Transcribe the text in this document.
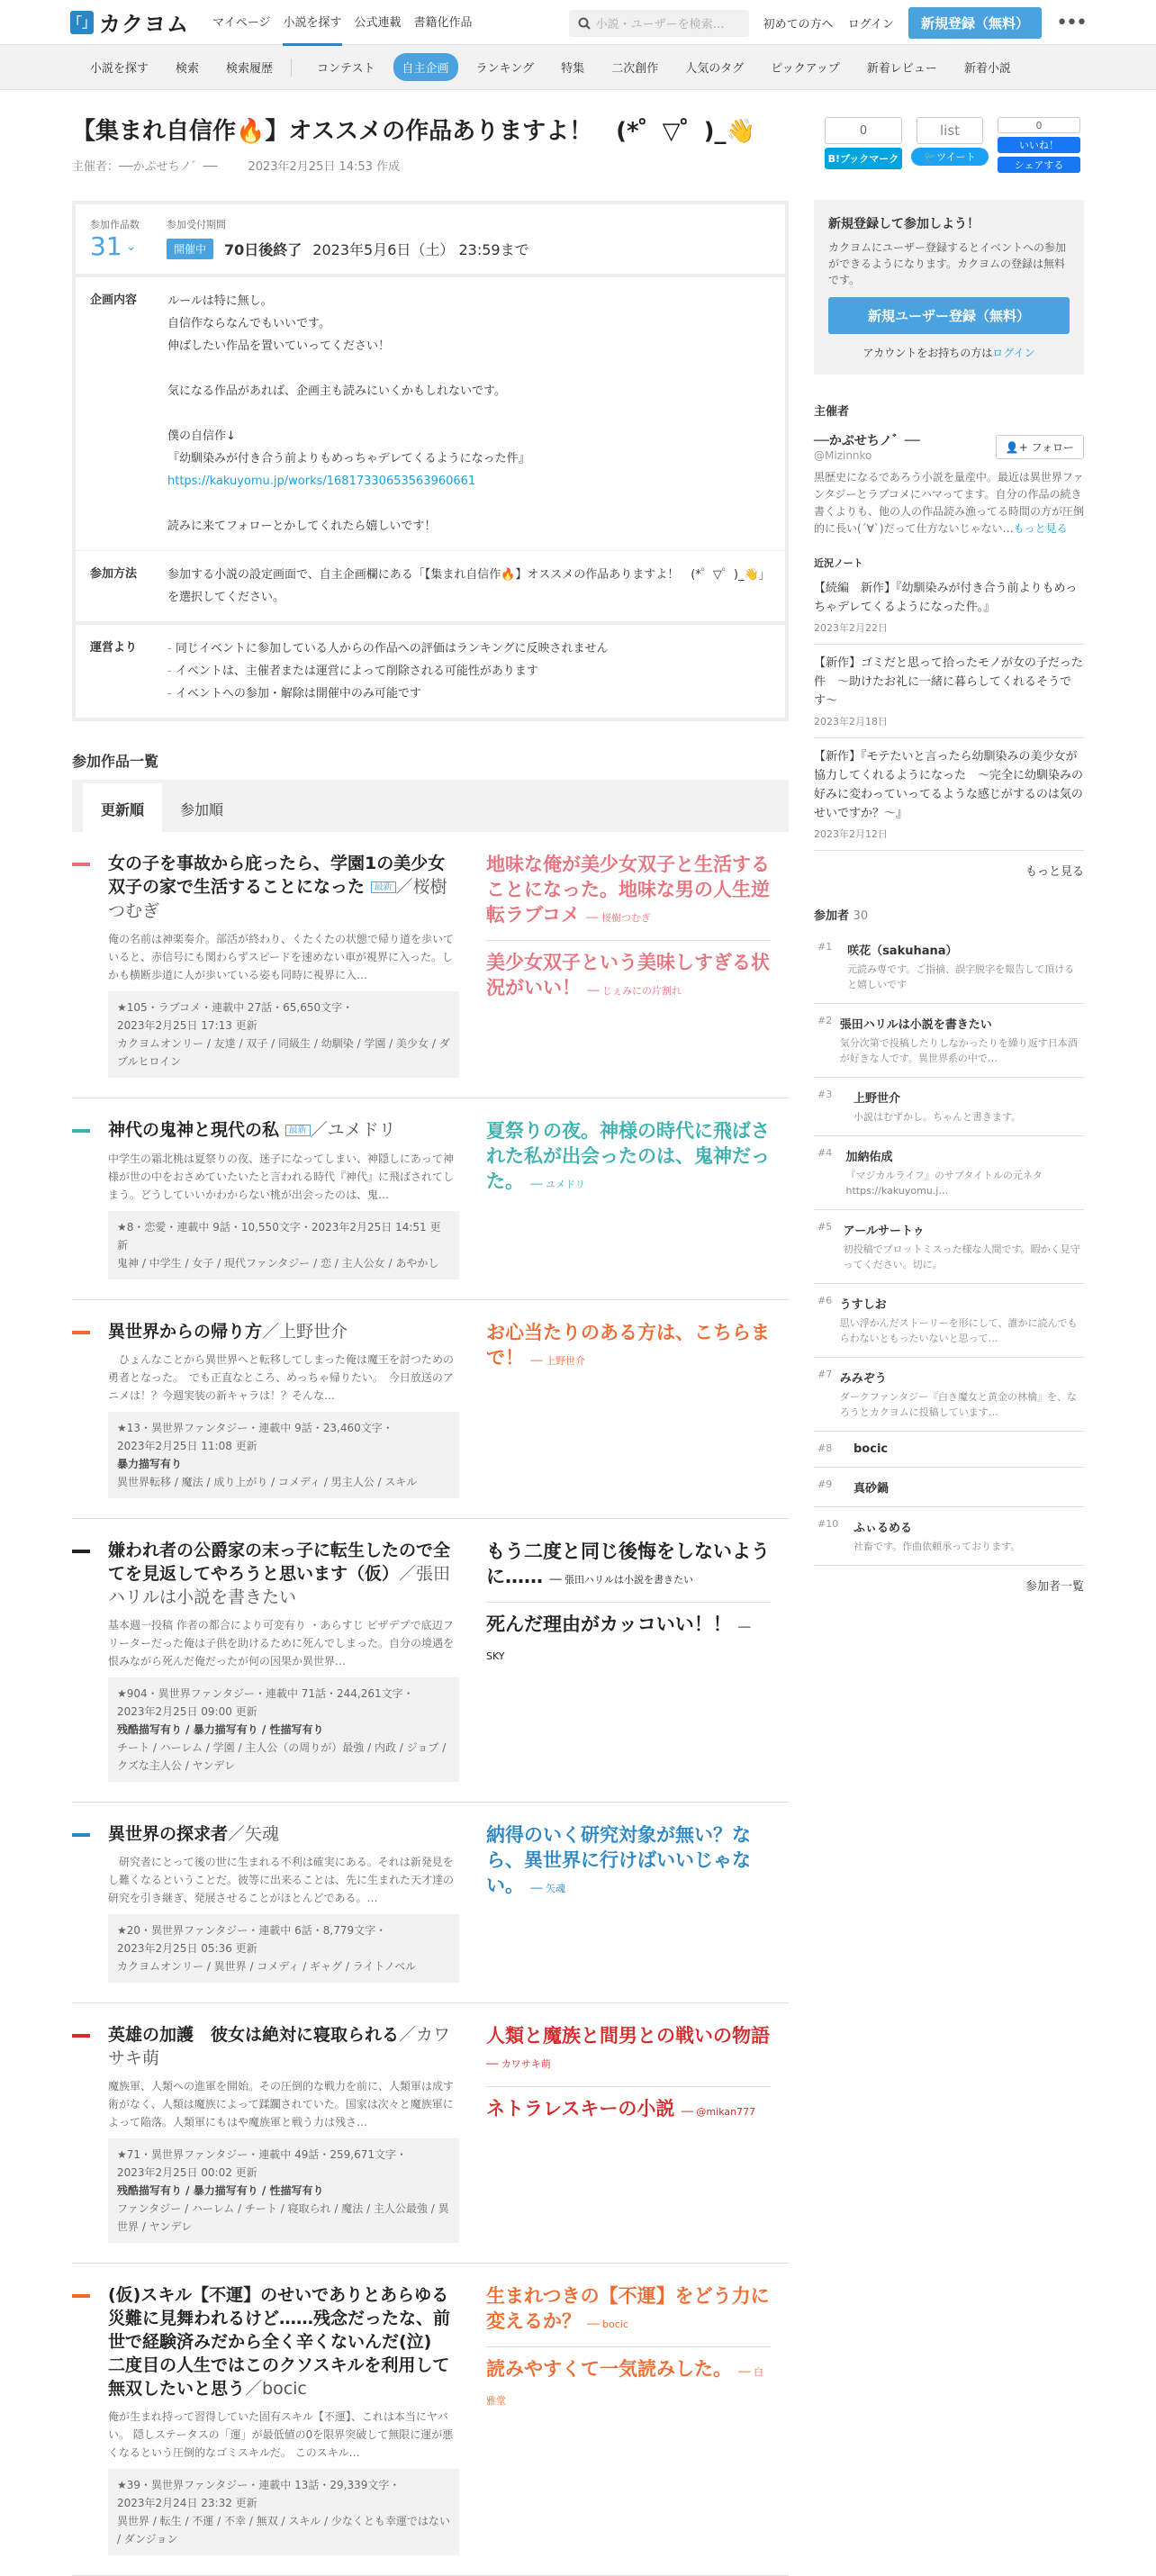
「」 カクヨム マイページ 小説を探す 公式連載 書籍化作品	小説・ユーザーを検索…	初めての方へ ログイン	新規登録（無料）	•••
小説を探す	検索	検索履歴	コンテスト	自主企画	ランキング	特集	二次創作	人気のタグ	ピックアップ	新着レビュー	新着小説
0
B!ブックマーク
list
🐦 ツイート
0
いいね！
シェアする
【集まれ自信作🔥】オススメの作品ありますよ！　(*゜▽゜)_👋
主催者：──かぷせちノ゛──	2023年2月25日 14:53 作成
参加作品数
31 ⌄
参加受付期間
開催中	70日後終了 2023年5月6日（土） 23:59まで
企画内容	ルールは特に無し。
自信作ならなんでもいいです。
伸ばしたい作品を置いていってください！
気になる作品があれば、企画主も読みにいくかもしれないです。
僕の自信作↓
『幼馴染みが付き合う前よりもめっちゃデレてくるようになった件』
https://kakuyomu.jp/works/16817330653563960661
読みに来てフォローとかしてくれたら嬉しいです！
参加方法	参加する小説の設定画面で、自主企画欄にある「【集まれ自信作🔥】オススメの作品ありますよ！　(*゜▽゜)_👋」を選択してください。
運営より
-	同じイベントに参加している人からの作品への評価はランキングに反映されません
- イベントは、主催者または運営によって削除される可能性があります
- イベントへの参加・解除は開催中のみ可能です
参加作品一覧
更新順	参加順
女の子を事故から庇ったら、学園1の美少女双子の家で生活することになった 最新 ／桜樹つむぎ
俺の名前は神楽奏介。部活が終わり、くたくたの状態で帰り道を歩いていると、赤信号にも関わらずスピードを速めない車が視界に入った。しかも横断歩道に人が歩いている姿も同時に視界に入…
★105・ラブコメ・連載中 27話・65,650文字・
2023年2月25日 17:13 更新
カクヨムオンリー / 友達 / 双子 / 同級生 / 幼馴染 / 学園 / 美少女 / ダブルヒロイン
地味な俺が美少女双子と生活することになった。地味な男の人生逆転ラブコメ ── 桜樹つむぎ
美少女双子という美味しすぎる状況がいい！ ── じぇみにの片割れ
神代の鬼神と現代の私 最新 ／ユメドリ
中学生の霜北桃は夏祭りの夜、迷子になってしまい、神隠しにあって神様が世の中をおさめていたいたと言われる時代『神代』に飛ばされてしまう。どうしていいかわからない桃が出会ったのは、鬼…
★8・恋愛・連載中 9話・10,550文字・2023年2月25日 14:51 更新
鬼神 / 中学生 / 女子 / 現代ファンタジー / 恋 / 主人公女 / あやかし
夏祭りの夜。神様の時代に飛ばされた私が出会ったのは、鬼神だった。 ── ユメドリ
異世界からの帰り方／上野世介
　ひょんなことから異世界へと転移してしまった俺は魔王を討つための勇者となった。　でも正直なところ、めっちゃ帰りたい。　今日放送のアニメは！？今週実装の新キャラは！？そんな…
★13・異世界ファンタジー・連載中 9話・23,460文字・
2023年2月25日 11:08 更新
暴力描写有り
異世界転移 / 魔法 / 成り上がり / コメディ / 男主人公 / スキル
お心当たりのある方は、こちらまで！ ── 上野世介
嫌われ者の公爵家の末っ子に転生したので全てを見返してやろうと思います（仮）／張田ハリルは小説を書きたい
基本週一投稿 作者の都合により可変有り ・あらすじ ビザデプで底辺フリーターだった俺は子供を助けるために死んでしまった。自分の境遇を恨みながら死んだ俺だったが何の因果か異世界…
★904・異世界ファンタジー・連載中 71話・244,261文字・
2023年2月25日 09:00 更新
残酷描写有り / 暴力描写有り / 性描写有り
チート / ハーレム / 学園 / 主人公（の周りが）最強 / 内政 / ジョブ / クズな主人公 / ヤンデレ
もう二度と同じ後悔をしないように…… ── 張田ハリルは小説を書きたい
死んだ理由がカッコいい！！ ── SKY
異世界の探求者／矢魂
　研究者にとって後の世に生まれる不利は確実にある。それは新発見をし難くなるということだ。彼等に出来ることは、先に生まれた天才達の研究を引き継ぎ、発展させることがほとんどである。…
★20・異世界ファンタジー・連載中 6話・8,779文字・
2023年2月25日 05:36 更新
カクヨムオンリー / 異世界 / コメディ / ギャグ / ライトノベル
納得のいく研究対象が無い？なら、異世界に行けばいいじゃない。 ── 矢魂
英雄の加護　彼女は絶対に寝取られる／カワサキ萌
魔族軍、人類への進軍を開始。その圧倒的な戦力を前に、人類軍は成す術がなく、人類は魔族によって蹂躙されていた。国家は次々と魔族軍によって陥落。人類軍にもはや魔族軍と戦う力は残さ…
★71・異世界ファンタジー・連載中 49話・259,671文字・
2023年2月25日 00:02 更新
残酷描写有り / 暴力描写有り / 性描写有り
ファンタジー / ハーレム / チート / 寝取られ / 魔法 / 主人公最強 / 異世界 / ヤンデレ
人類と魔族と間男との戦いの物語 ── カワサキ萌
ネトラレスキーの小説 ── @mikan777
(仮)スキル【不運】のせいでありとあらゆる災難に見舞われるけど……残念だったな、前世で経験済みだから全く辛くないんだ(泣)　二度目の人生ではこのクソスキルを利用して無双したいと思う／bocic
俺が生まれ持って習得していた固有スキル【不運】、これは本当にヤバい。 隠しステータスの「運」が最低値の0を限界突破して無限に運が悪くなるという圧倒的なゴミスキルだ。 このスキル…
★39・異世界ファンタジー・連載中 13話・29,339文字・
2023年2月24日 23:32 更新
異世界 / 転生 / 不運 / 不幸 / 無双 / スキル / 少なくとも幸運ではない / ダンジョン
生まれつきの【不運】をどう力に変えるか？ ── bocic
読みやすくて一気読みした。 ── 白雅堂
新規登録して参加しよう！

カクヨムにユーザー登録するとイベントへの参加ができるようになります。カクヨムの登録は無料です。

新規ユーザー登録（無料）
アカウントをお持ちの方はログイン
主催者
──かぷせちノ゛──
@Mizinnko
👤+ フォロー
黒歴史になるであろう小説を量産中。最近は異世界ファンタジーとラブコメにハマってます。自分の作品の続き書くよりも、他の人の作品読み漁ってる時間の方が圧倒的に長い(´∀`)だって仕方ないじゃない…もっと見る
近況ノート
【続編　新作】『幼馴染みが付き合う前よりもめっちゃデレてくるようになった件。』
2023年2月22日
【新作】ゴミだと思って拾ったモノが女の子だった件　〜助けたお礼に一緒に暮らしてくれるそうです〜
2023年2月18日
【新作】『モテたいと言ったら幼馴染みの美少女が協力してくれるようになった　〜完全に幼馴染みの好みに変わっていってるような感じがするのは気のせいですか？〜』
2023年2月12日
もっと見る
参加者 30
#1	咲花（sakuhana）
元読み専です。ご指摘、誤字脱字を報告して頂けると嬉しいです
#2 張田ハリルは小説を書きたい
気分次第で投稿したりしなかったりを繰り返す日本酒が好きな人です。異世界系の中で…
#3	上野世介
小説はむずかし。ちゃんと書きます。
#4	加納佑成
『マジカルライフ』のサブタイトルの元ネタ https://kakuyomu.j…
#5 アールサートゥ
初投稿でプロットミスった様な人間です。暇かく見守ってください。切に。
#6 うすしお
思い浮かんだストーリーを形にして、誰かに読んでもらわないともったいないと思って…
#7 みみぞう
ダークファンタジー『白き魔女と黄金の林檎』を、なろうとカクヨムに投稿しています…
#8	bocic
#9	真砂鍋
#10	ふぃるめる
社畜です。作曲依頼承っております。
参加者一覧
